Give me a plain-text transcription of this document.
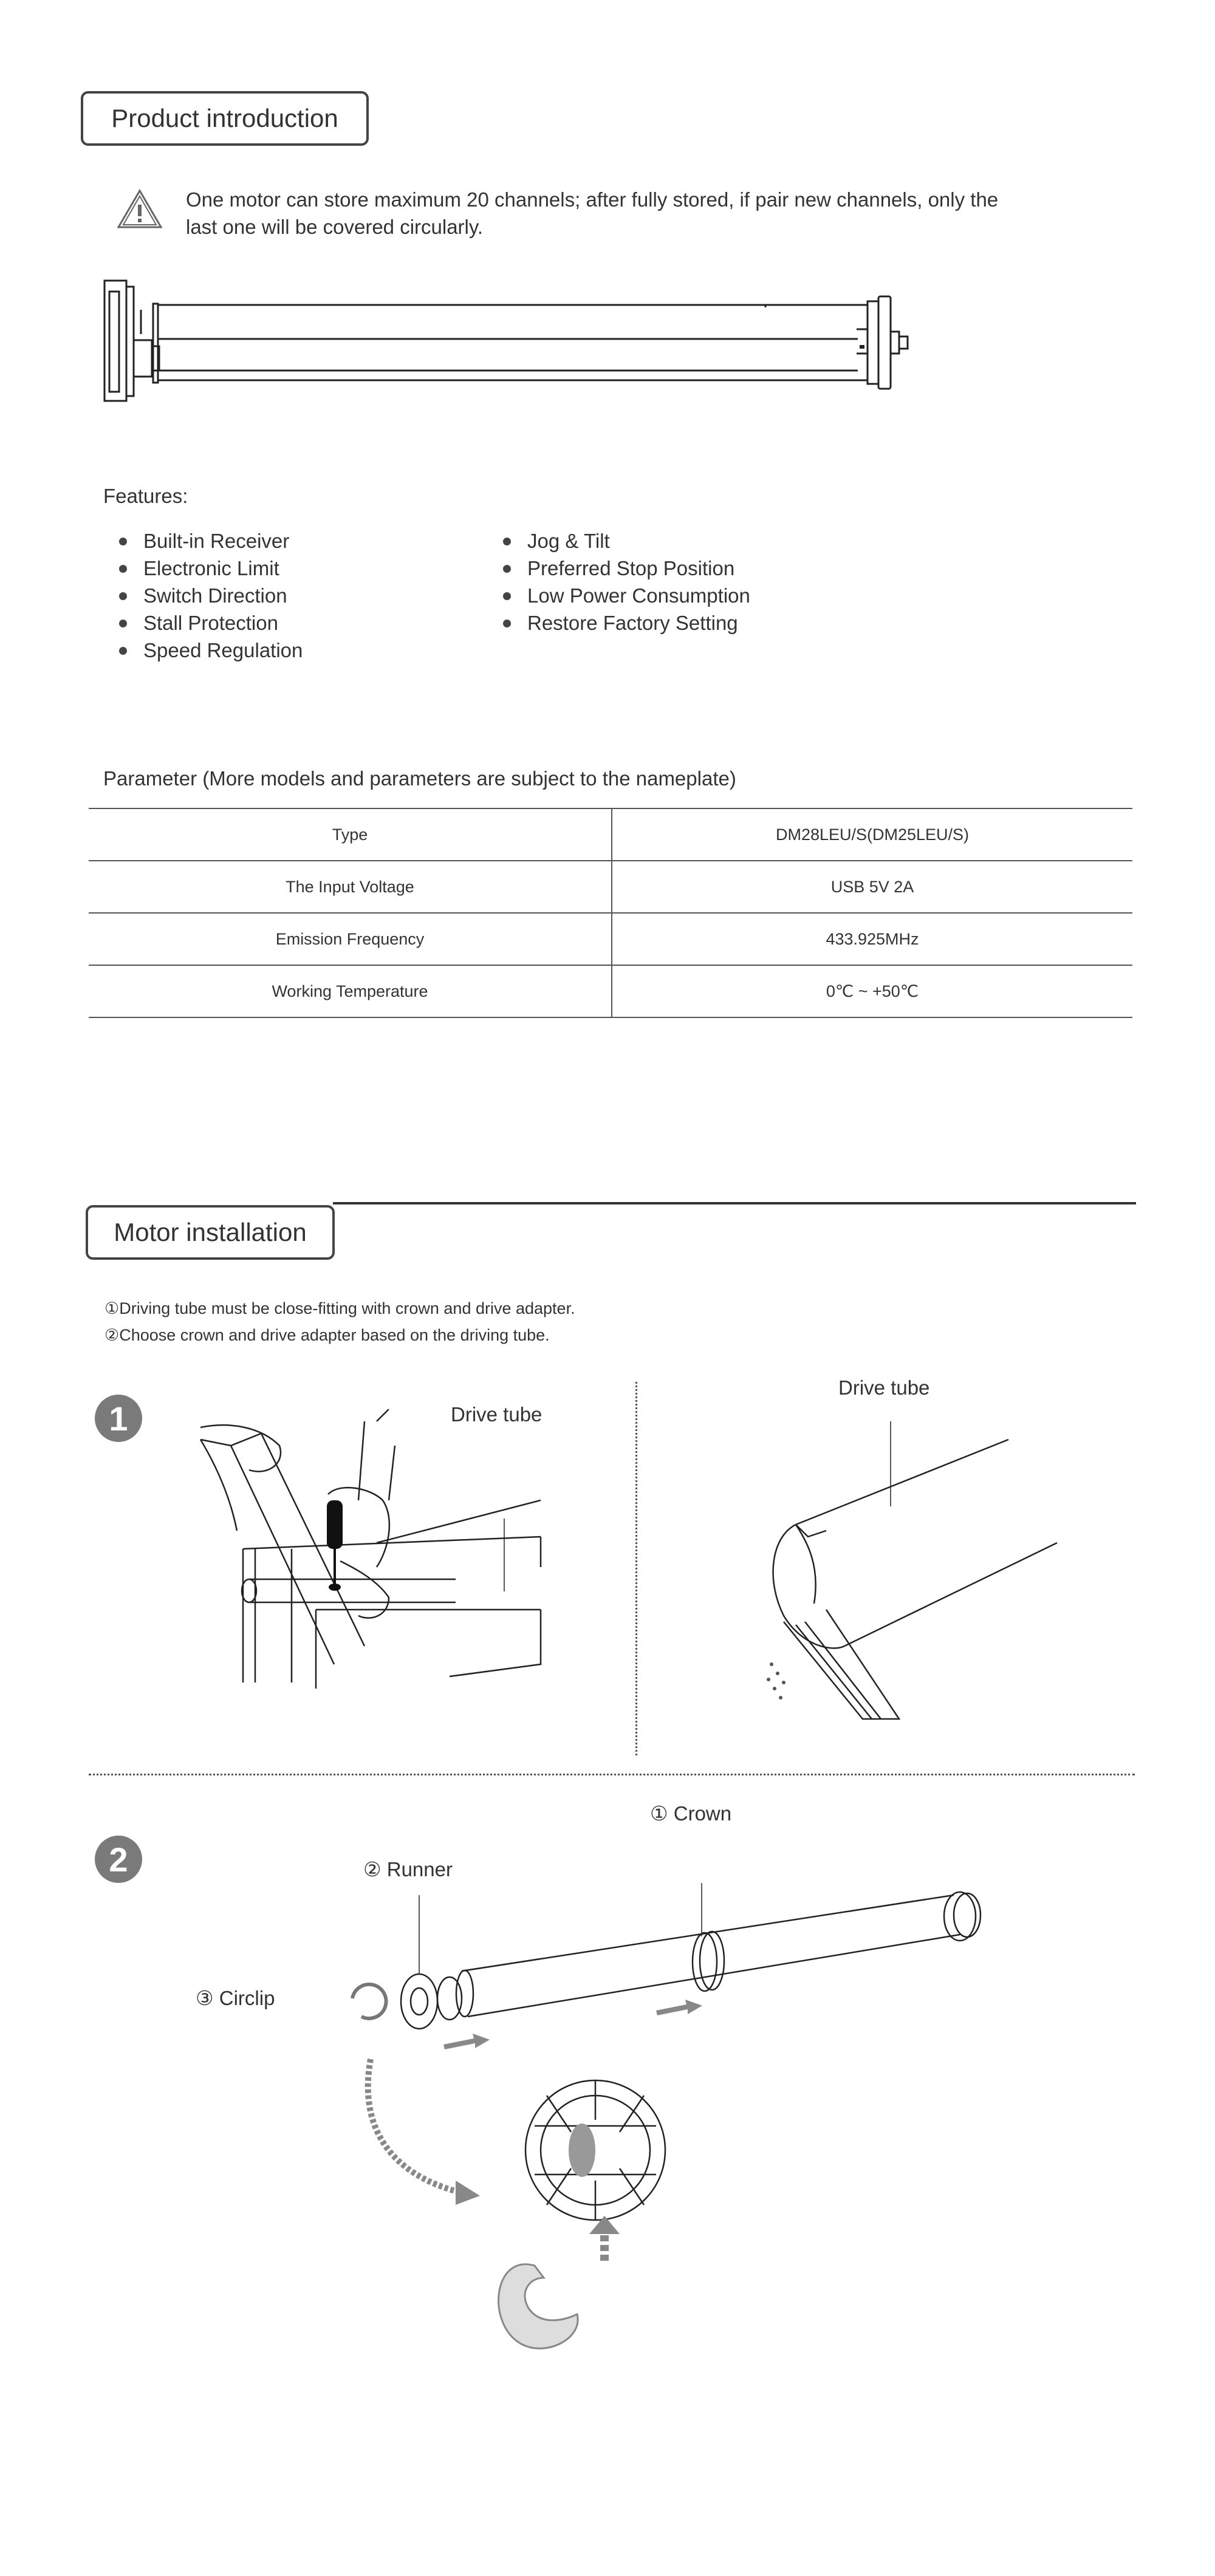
Product introduction
One motor can store maximum 20 channels; after fully stored, if pair new channels, only the
last one will be covered circularly.
Features:
Built-in Receiver
Electronic Limit
Switch Direction
Stall Protection
Speed Regulation
Jog & Tilt
Preferred Stop Position
Low Power Consumption
Restore Factory Setting
Parameter (More models and parameters are subject to the nameplate)
Type	DM28LEU/S(DM25LEU/S)
The Input Voltage	USB 5V 2A
Emission Frequency	433.925MHz
Working Temperature	0℃ ~ +50℃
Motor installation
①Driving tube must be close-fitting with crown and drive adapter.
②Choose crown and drive adapter based on the driving tube.
1	Drive tube
Drive tube
2
① Crown
② Runner
③ Circlip
